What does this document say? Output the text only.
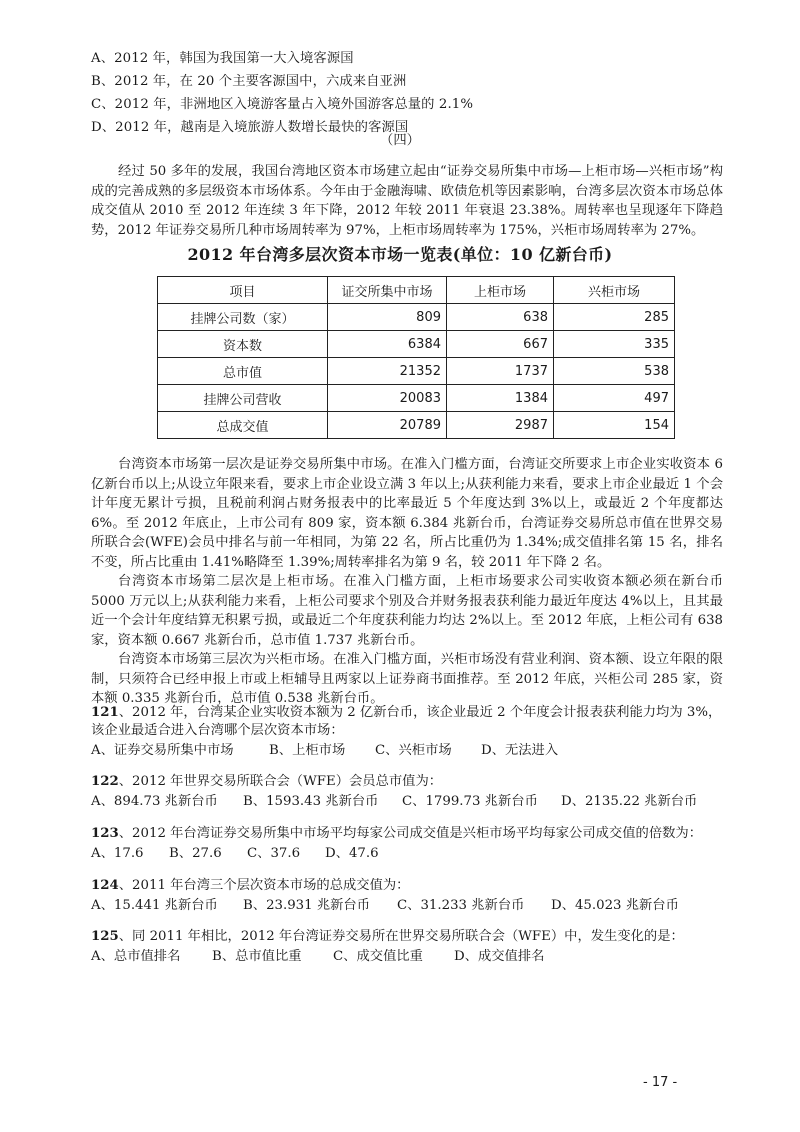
A、2012 年，韩国为我国第一大入境客源国
B、2012 年，在 20 个主要客源国中，六成来自亚洲
C、2012 年，非洲地区入境游客量占入境外国游客总量的 2.1%
D、2012 年，越南是入境旅游人数增长最快的客源国
（四）
经过 50 多年的发展，我国台湾地区资本市场建立起由“证券交易所集中市场—上柜市场—兴柜市场”构成的完善成熟的多层级资本市场体系。今年由于金融海啸、欧债危机等因素影响，台湾多层次资本市场总体成交值从 2010 至 2012 年连续 3 年下降，2012 年较 2011 年衰退 23.38%。周转率也呈现逐年下降趋势，2012 年证券交易所几种市场周转率为 97%，上柜市场周转率为 175%，兴柜市场周转率为 27%。
2012 年台湾多层次资本市场一览表(单位：10 亿新台币)
项目	证交所集中市场	上柜市场	兴柜市场
挂牌公司数（家）	809	638	285
资本数	6384	667	335
总市值	21352	1737	538
挂牌公司营收	20083	1384	497
总成交值	20789	2987	154
台湾资本市场第一层次是证券交易所集中市场。在准入门槛方面，台湾证交所要求上市企业实收资本 6 亿新台币以上;从设立年限来看，要求上市企业设立满 3 年以上;从获利能力来看，要求上市企业最近 1 个会计年度无累计亏损，且税前利润占财务报表中的比率最近 5 个年度达到 3%以上，或最近 2 个年度都达 6%。至 2012 年底止，上市公司有 809 家，资本额 6.384 兆新台币，台湾证券交易所总市值在世界交易所联合会(WFE)会员中排名与前一年相同，为第 22 名，所占比重仍为 1.34%;成交值排名第 15 名，排名不变，所占比重由 1.41%略降至 1.39%;周转率排名为第 9 名，较 2011 年下降 2 名。
台湾资本市场第二层次是上柜市场。在准入门槛方面，上柜市场要求公司实收资本额必须在新台币 5000 万元以上;从获利能力来看，上柜公司要求个别及合并财务报表获利能力最近年度达 4%以上，且其最近一个会计年度结算无积累亏损，或最近二个年度获利能力均达 2%以上。至 2012 年底，上柜公司有 638 家，资本额 0.667 兆新台币，总市值 1.737 兆新台币。
台湾资本市场第三层次为兴柜市场。在准入门槛方面，兴柜市场没有营业利润、资本额、设立年限的限制，只须符合已经申报上市或上柜辅导且两家以上证券商书面推荐。至 2012 年底，兴柜公司 285 家，资本额 0.335 兆新台币，总市值 0.538 兆新台币。
121、2012 年，台湾某企业实收资本额为 2 亿新台币，该企业最近 2 个年度会计报表获利能力均为 3%，
该企业最适合进入台湾哪个层次资本市场：
A、证券交易所集中市场	B、上柜市场 C、兴柜市场 D、无法进入
122、2012 年世界交易所联合会（WFE）会员总市值为：
A、894.73 兆新台币 B、1593.43 兆新台币 C、1799.73 兆新台币 D、2135.22 兆新台币
123、2012 年台湾证券交易所集中市场平均每家公司成交值是兴柜市场平均每家公司成交值的倍数为：
A、17.6 B、27.6 C、37.6 D、47.6
124、2011 年台湾三个层次资本市场的总成交值为：
A、15.441 兆新台币 B、23.931 兆新台币 C、31.233 兆新台币 D、45.023 兆新台币
125、同 2011 年相比，2012 年台湾证券交易所在世界交易所联合会（WFE）中，发生变化的是：
A、总市值排名 B、总市值比重 C、成交值比重 D、成交值排名
- 17 -
